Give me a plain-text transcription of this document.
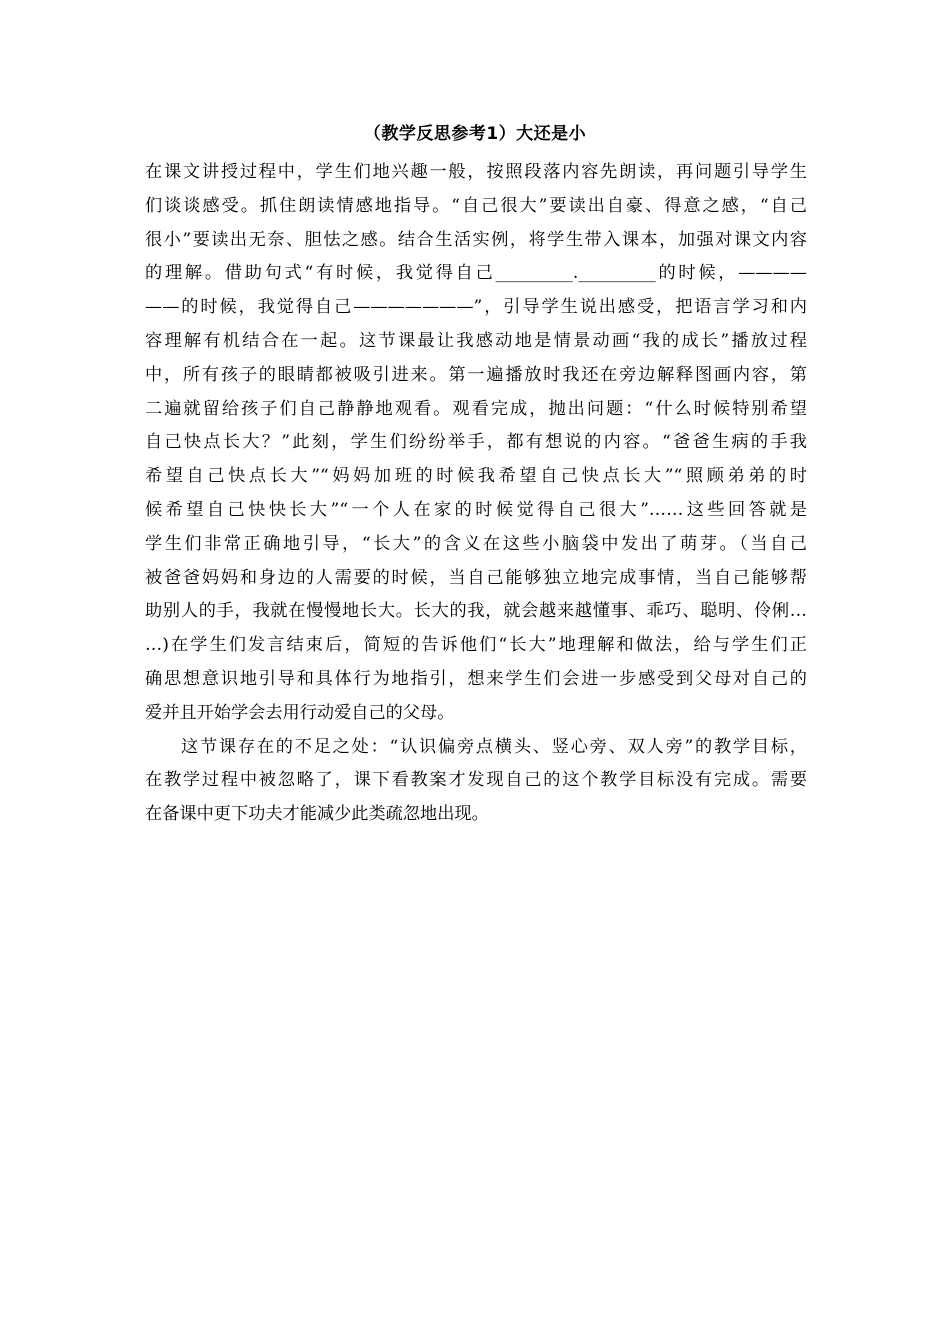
（教学反思参考1）大还是小
在课文讲授过程中，学生们地兴趣一般，按照段落内容先朗读，再问题引导学生
们谈谈感受。抓住朗读情感地指导。“自己很大”要读出自豪、得意之感，“自己
很小”要读出无奈、胆怯之感。结合生活实例，将学生带入课本，加强对课文内容
的理解。借助句式“有时候，我觉得自己_________._________的时候，————
——的时候，我觉得自己———————”，引导学生说出感受，把语言学习和内
容理解有机结合在一起。这节课最让我感动地是情景动画“我的成长”播放过程
中，所有孩子的眼睛都被吸引进来。第一遍播放时我还在旁边解释图画内容，第
二遍就留给孩子们自己静静地观看。观看完成，抛出问题：“什么时候特别希望
自己快点长大？”此刻，学生们纷纷举手，都有想说的内容。“爸爸生病的手我
希望自己快点长大”“妈妈加班的时候我希望自己快点长大”“照顾弟弟的时
候希望自己快快长大”“一个人在家的时候觉得自己很大”……这些回答就是
学生们非常正确地引导，“长大”的含义在这些小脑袋中发出了萌芽。（当自己
被爸爸妈妈和身边的人需要的时候，当自己能够独立地完成事情，当自己能够帮
助别人的手，我就在慢慢地长大。长大的我，就会越来越懂事、乖巧、聪明、伶俐…
…)在学生们发言结束后，简短的告诉他们“长大”地理解和做法，给与学生们正
确思想意识地引导和具体行为地指引，想来学生们会进一步感受到父母对自己的
爱并且开始学会去用行动爱自己的父母。
这节课存在的不足之处：“认识偏旁点横头、竖心旁、双人旁”的教学目标，
在教学过程中被忽略了，课下看教案才发现自己的这个教学目标没有完成。需要
在备课中更下功夫才能减少此类疏忽地出现。
